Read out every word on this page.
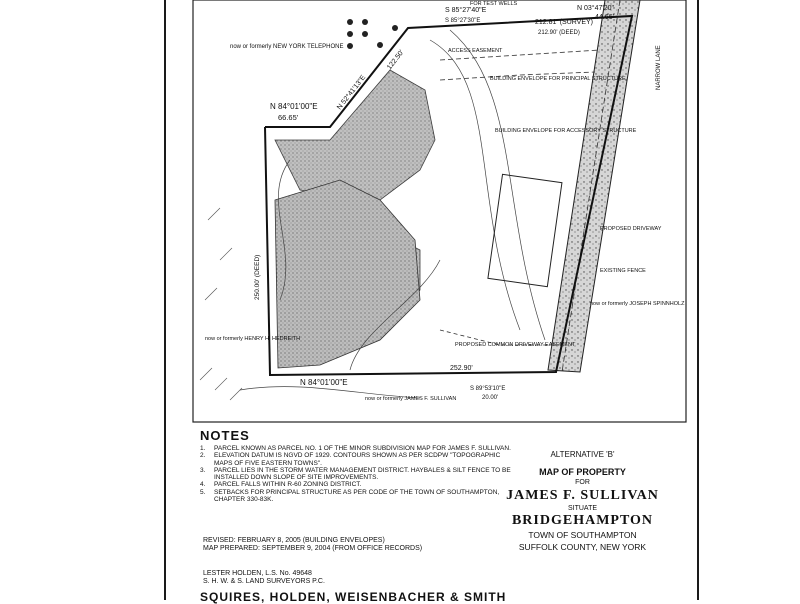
S 85°27'40"E
S 85°27'30"E	212.81' (SURVEY)
212.90' (DEED)
N 03°47'20"
44.66'
N 52°41'13"E
122.50'
N 84°01'00"E
66.65'
N 84°01'00"E
252.90'
S 89°53'10"E
20.00'
250.00' (DEED)
now or formerly NEW YORK TELEPHONE
now or formerly HENRY H. HEDREITH
now or formerly JAMES F. SULLIVAN
now or formerly JOSEPH SPINNHOLZ
BUILDING ENVELOPE FOR PRINCIPAL STRUCTURE
BUILDING ENVELOPE FOR ACCESSORY STRUCTURE
PROPOSED DRIVEWAY
EXISTING FENCE
PROPOSED COMMON DRIVEWAY EASEMENT
ACCESS EASEMENT
FOR TEST WELLS
NARROW LANE
NOTES
1.	PARCEL KNOWN AS PARCEL NO. 1 OF THE MINOR SUBDIVISION MAP FOR JAMES F. SULLIVAN.
2.	ELEVATION DATUM IS NGVD OF 1929. CONTOURS SHOWN AS PER SCDPW "TOPOGRAPHIC MAPS OF FIVE EASTERN TOWNS".
3.	PARCEL LIES IN THE STORM WATER MANAGEMENT DISTRICT. HAYBALES & SILT FENCE TO BE INSTALLED DOWN SLOPE OF SITE IMPROVEMENTS.
4.	PARCEL FALLS WITHIN R-60 ZONING DISTRICT.
5.	SETBACKS FOR PRINCIPAL STRUCTURE AS PER CODE OF THE TOWN OF SOUTHAMPTON, CHAPTER 330-83K.
REVISED: FEBRUARY 8, 2005 (BUILDING ENVELOPES)
MAP PREPARED: SEPTEMBER 9, 2004 (FROM OFFICE RECORDS)
LESTER HOLDEN, L.S. No. 49648
S. H. W. & S. LAND SURVEYORS P.C.
SQUIRES, HOLDEN, WEISENBACHER & SMITH
ALTERNATIVE 'B'
MAP OF PROPERTY
FOR
JAMES F. SULLIVAN
SITUATE
BRIDGEHAMPTON
TOWN OF SOUTHAMPTON
SUFFOLK COUNTY, NEW YORK
